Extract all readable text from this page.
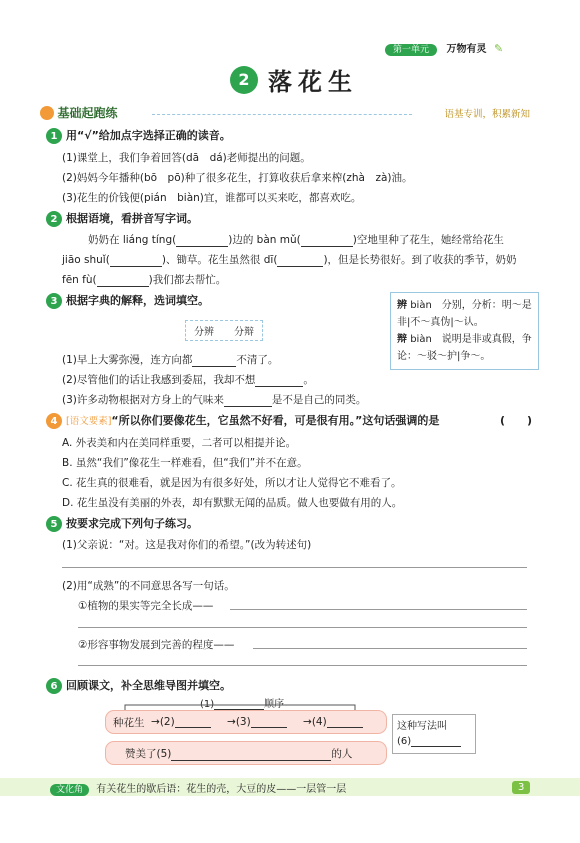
第一单元 万物有灵 ✎
2 落花生
基础起跑练	语基专训，积累新知
1 用“√”给加点字选择正确的读音。
(1)课堂上，我们争着回答(dā　dá)老师提出的问题。
(2)妈妈今年播种(bō　pō)种了很多花生，打算收获后拿来榨(zhà　zà)油。
(3)花生的价钱便(pián　biàn)宜，谁都可以买来吃，都喜欢吃。
2 根据语境，看拼音写字词。
奶奶在 liáng tíng(	)边的 bàn mǔ(	)空地里种了花生，她经常给花生
jiāo shuǐ(	)、锄草。花生虽然很 dī(	)，但是长势很好。到了收获的季节，奶奶
fēn fù(	)我们都去帮忙。
3 根据字典的解释，选词填空。
分辨　　分辩
辨 biàn　分别，分析：明～是非|不～真伪|～认。
辩 biàn　说明是非或真假，争论：～驳～护|争～。
(1)早上大雾弥漫，连方向都	不清了。
(2)尽管他们的话让我感到委屈，我却不想	。
(3)许多动物根据对方身上的气味来	是不是自己的同类。
4 [语文要素]“所以你们要像花生，它虽然不好看，可是很有用。”这句话强调的是	(　　)
A. 外表美和内在美同样重要，二者可以相提并论。
B. 虽然“我们”像花生一样难看，但“我们”并不在意。
C. 花生真的很难看，就是因为有很多好处，所以才让人觉得它不难看了。
D. 花生虽没有美丽的外表，却有默默无闻的品质。做人也要做有用的人。
5 按要求完成下列句子练习。
(1)父亲说：“对。这是我对你们的希望。”(改为转述句)
(2)用“成熟”的不同意思各写一句话。
①植物的果实等完全长成——
②形容事物发展到完善的程度——
6 回顾课文，补全思维导图并填空。
(1)	顺序
种花生 →(2)	→(3)	→(4)
赞美了(5)	的人
这种写法叫
(6)
文化角 有关花生的歇后语：花生的壳，大豆的皮——一层管一层	3
